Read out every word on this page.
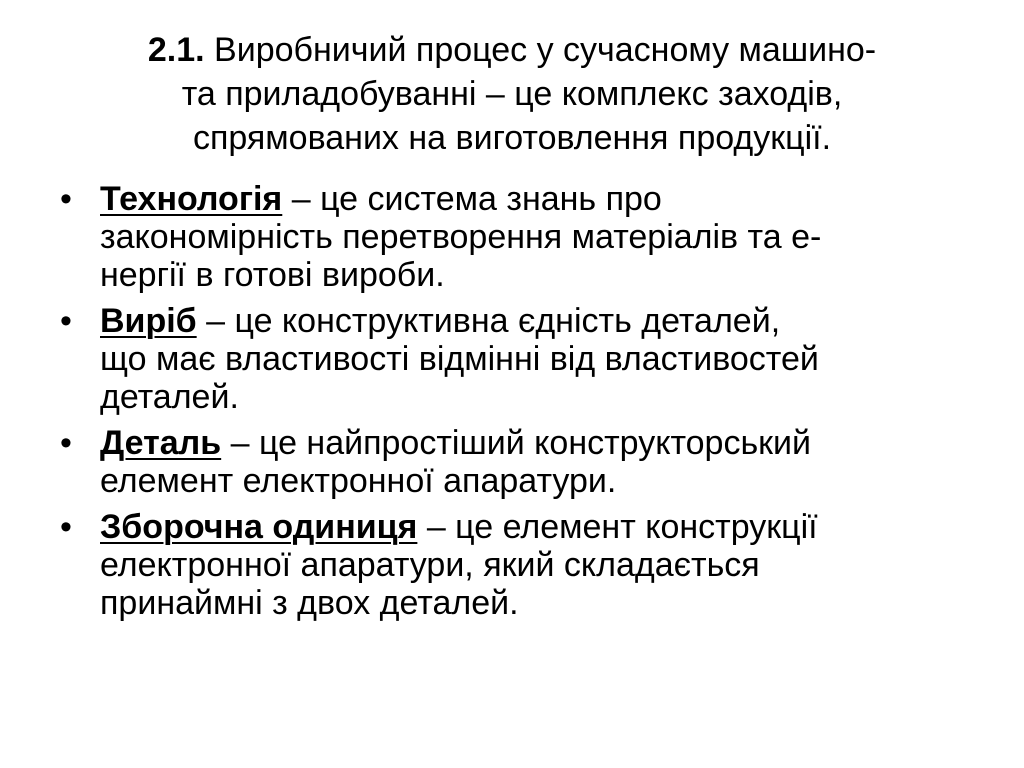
2.1. Виробничий процес у сучасному машино-
та приладобуванні – це комплекс заходів,
спрямованих на виготовлення продукції.
• Технологія – це система знань про
закономірність перетворення матеріалів та е-
нергії в готові вироби.
• Виріб – це конструктивна єдність деталей,
що має властивості відмінні від властивостей
деталей.
• Деталь – це найпростіший конструкторський
елемент електронної апаратури.
• Зборочна одиниця – це елемент конструкції
електронної апаратури, який складається
принаймні з двох деталей.
